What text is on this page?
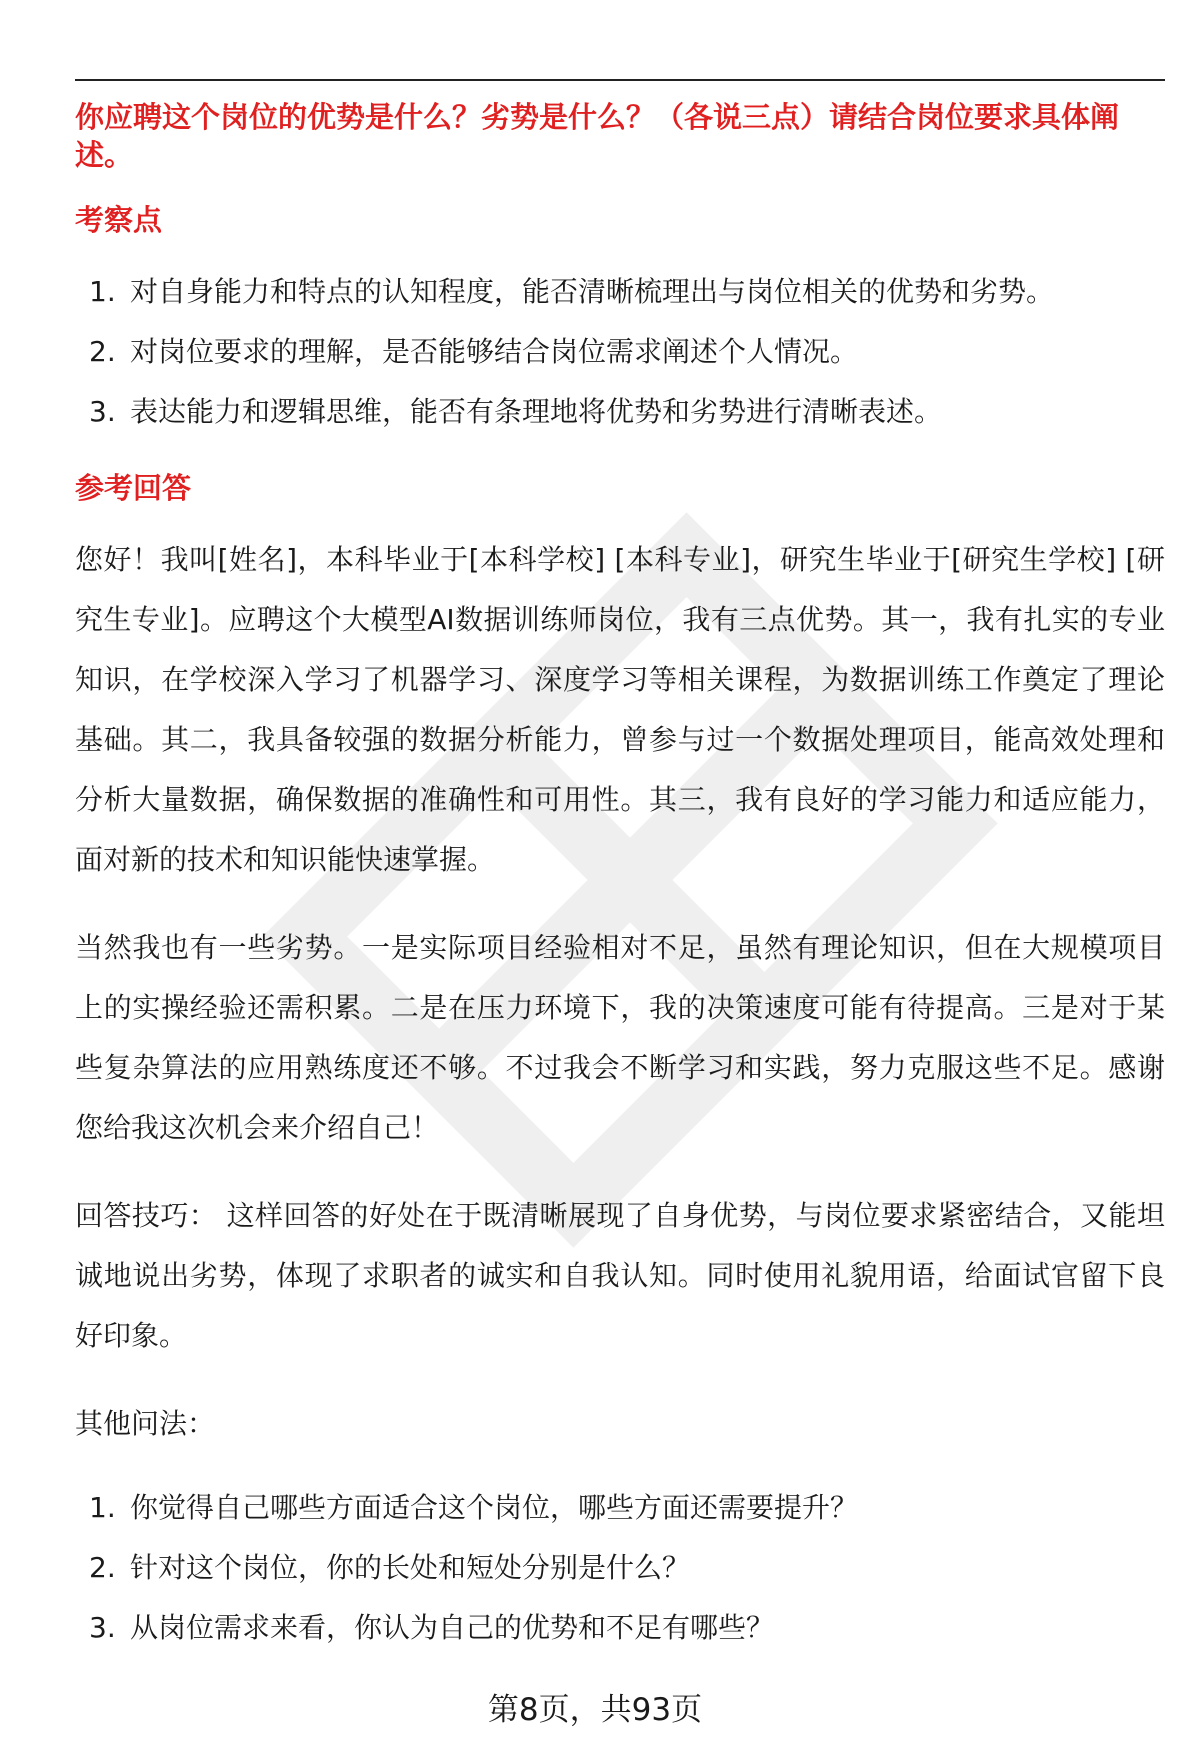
你应聘这个岗位的优势是什么？劣势是什么？（各说三点）请结合岗位要求具体阐述。
考察点
1. 对自身能力和特点的认知程度，能否清晰梳理出与岗位相关的优势和劣势。
2. 对岗位要求的理解，是否能够结合岗位需求阐述个人情况。
3. 表达能力和逻辑思维，能否有条理地将优势和劣势进行清晰表述。
参考回答

您好！我叫[姓名]，本科毕业于[本科学校] [本科专业]，研究生毕业于[研究生学校] [研究生专业]。应聘这个大模型AI数据训练师岗位，我有三点优势。其一，我有扎实的专业知识，在学校深入学习了机器学习、深度学习等相关课程，为数据训练工作奠定了理论基础。其二，我具备较强的数据分析能力，曾参与过一个数据处理项目，能高效处理和分析大量数据，确保数据的准确性和可用性。其三，我有良好的学习能力和适应能力，面对新的技术和知识能快速掌握。

当然我也有一些劣势。一是实际项目经验相对不足，虽然有理论知识，但在大规模项目上的实操经验还需积累。二是在压力环境下，我的决策速度可能有待提高。三是对于某些复杂算法的应用熟练度还不够。不过我会不断学习和实践，努力克服这些不足。感谢您给我这次机会来介绍自己！

回答技巧： 这样回答的好处在于既清晰展现了自身优势，与岗位要求紧密结合，又能坦诚地说出劣势，体现了求职者的诚实和自我认知。同时使用礼貌用语，给面试官留下良好印象。

其他问法：

1. 你觉得自己哪些方面适合这个岗位，哪些方面还需要提升？
2. 针对这个岗位，你的长处和短处分别是什么？
3. 从岗位需求来看，你认为自己的优势和不足有哪些？
第8页，共93页
